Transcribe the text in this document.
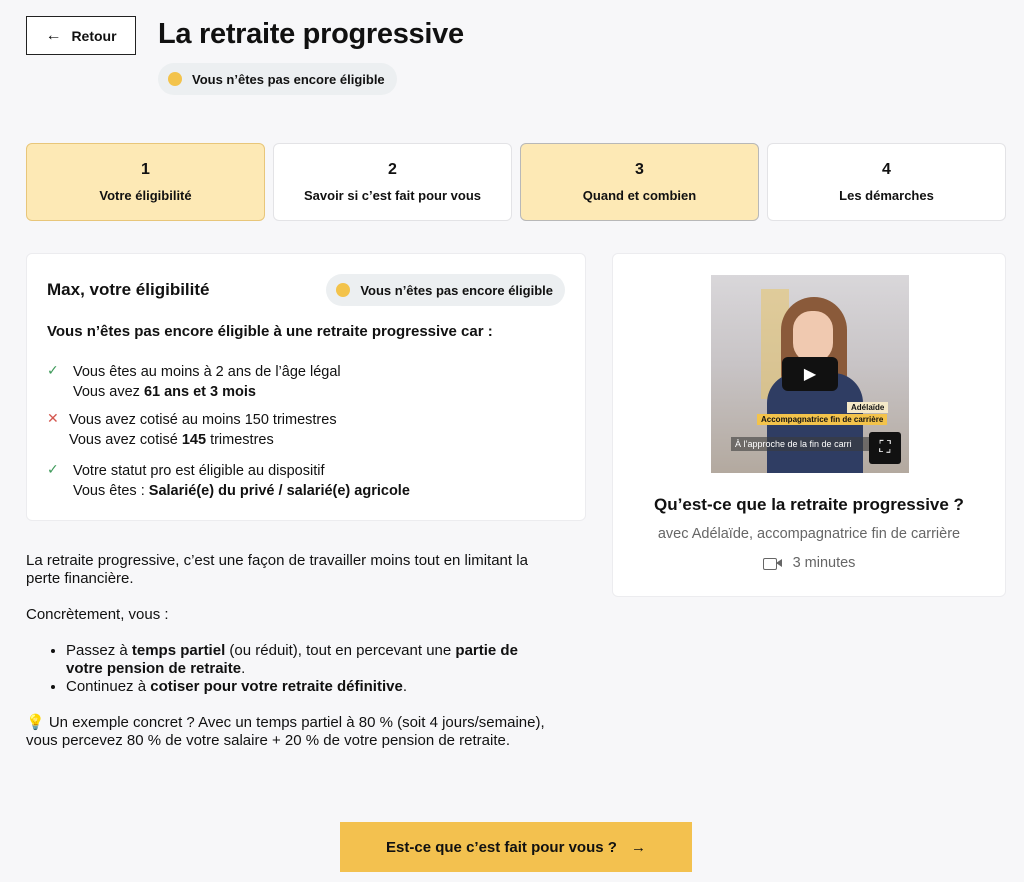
← Retour La retraite progressive
Vous n’êtes pas encore éligible
1
Votre éligibilité
2
Savoir si c’est fait pour vous
3
Quand et combien
4
Les démarches
Max, votre éligibilité	Vous n’êtes pas encore éligible
Vous n’êtes pas encore éligible à une retraite progressive car :
✓ Vous êtes au moins à 2 ans de l’âge légal
Vous avez 61 ans et 3 mois
✕ Vous avez cotisé au moins 150 trimestres
Vous avez cotisé 145 trimestres
✓ Votre statut pro est éligible au dispositif
Vous êtes : Salarié(e) du privé / salarié(e) agricole

La retraite progressive, c’est une façon de travailler moins tout en limitant la perte financière.

Concrètement, vous :

• Passez à temps partiel (ou réduit), tout en percevant une partie de votre pension de retraite.
• Continuez à cotiser pour votre retraite définitive.

💡 Un exemple concret ? Avec un temps partiel à 80 % (soit 4 jours/semaine), vous percevez 80 % de votre salaire + 20 % de votre pension de retraite.

▶
Adélaïde
Accompagnatrice fin de carrière
À l’approche de la fin de carri	⛶
Qu’est-ce que la retraite progressive ?
avec Adélaïde, accompagnatrice fin de carrière
3 minutes
Est-ce que c’est fait pour vous ? →
